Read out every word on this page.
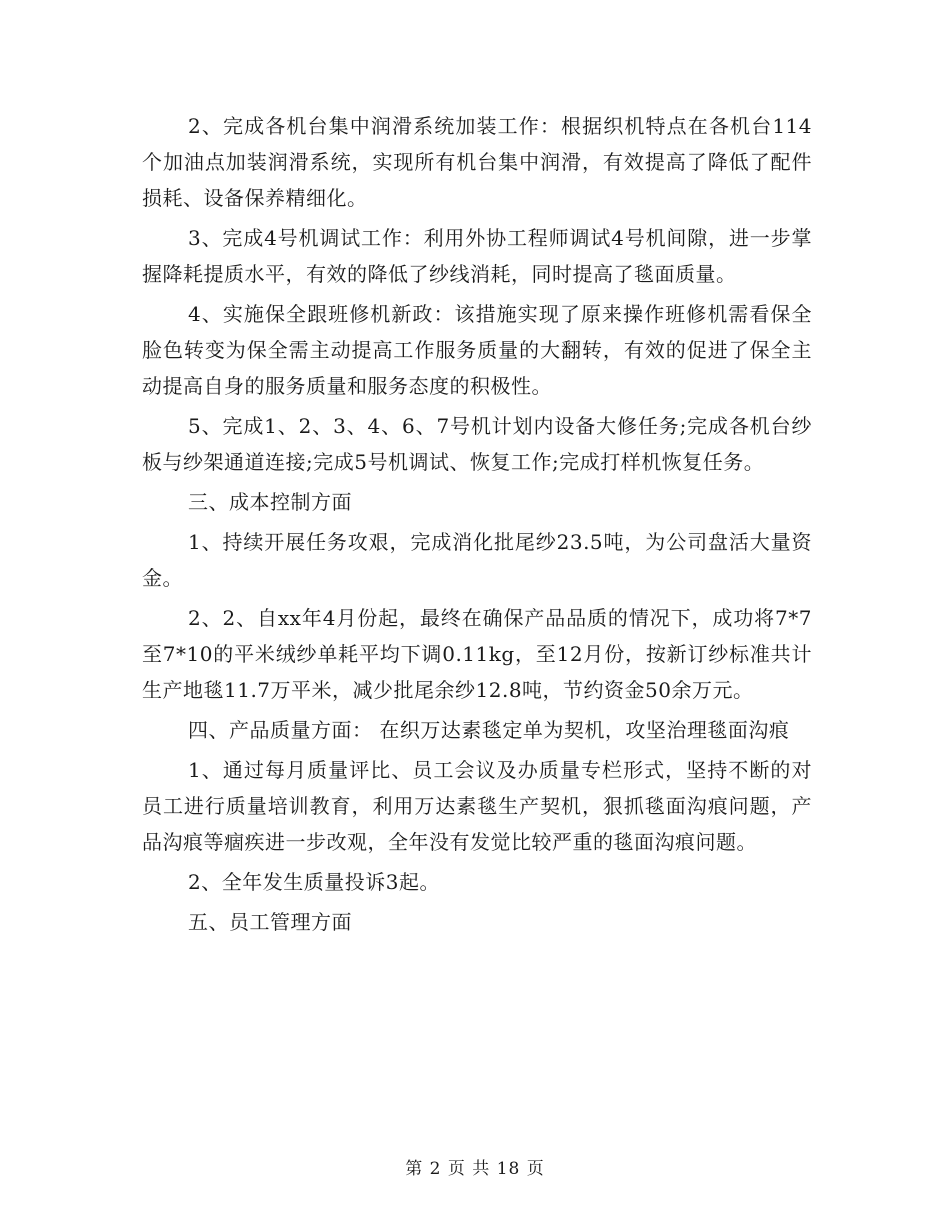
2、完成各机台集中润滑系统加装工作：根据织机特点在各机台114个加油点加装润滑系统，实现所有机台集中润滑，有效提高了降低了配件损耗、设备保养精细化。

3、完成4号机调试工作：利用外协工程师调试4号机间隙，进一步掌握降耗提质水平，有效的降低了纱线消耗，同时提高了毯面质量。

4、实施保全跟班修机新政：该措施实现了原来操作班修机需看保全脸色转变为保全需主动提高工作服务质量的大翻转，有效的促进了保全主动提高自身的服务质量和服务态度的积极性。

5、完成1、2、3、4、6、7号机计划内设备大修任务;完成各机台纱板与纱架通道连接;完成5号机调试、恢复工作;完成打样机恢复任务。

三、成本控制方面

1、持续开展任务攻艰，完成消化批尾纱23.5吨，为公司盘活大量资金。

2、2、自xx年4月份起，最终在确保产品品质的情况下，成功将7*7至7*10的平米绒纱单耗平均下调0.11kg，至12月份，按新订纱标准共计生产地毯11.7万平米，减少批尾余纱12.8吨，节约资金50余万元。

四、产品质量方面： 在织万达素毯定单为契机，攻坚治理毯面沟痕

1、通过每月质量评比、员工会议及办质量专栏形式，坚持不断的对员工进行质量培训教育，利用万达素毯生产契机，狠抓毯面沟痕问题，产品沟痕等痼疾进一步改观，全年没有发觉比较严重的毯面沟痕问题。

2、全年发生质量投诉3起。

五、员工管理方面

第 2 页 共 18 页
